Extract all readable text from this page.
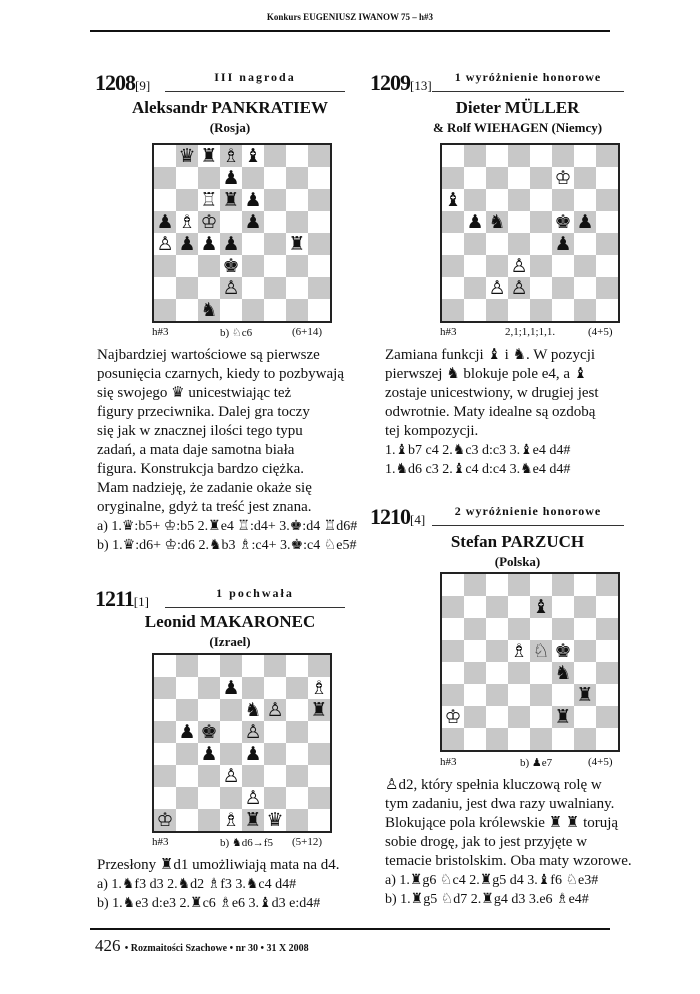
Konkurs EUGENIUSZ IWANOW 75 – h#3
1208[9]
III nagroda
Aleksandr PANKRATIEW
(Rosja)
♛ ♜ ♗ ♝
♟
♖ ♜ ♟
♟ ♗ ♔ ♟
♙ ♟ ♟ ♟	♜
♚
♙
♞
h#3	b) ♘c6	(6+14)
Najbardziej wartościowe są pierwsze
posunięcia czarnych, kiedy to pozbywają
się swojego ♛ unicestwiając też
figury przeciwnika. Dalej gra toczy
się jak w znacznej ilości tego typu
zadań, a mata daje samotna biała
figura. Konstrukcja bardzo ciężka.
Mam nadzieję, że zadanie okaże się
oryginalne, gdyż ta treść jest znana.
a) 1.♛:b5+ ♔:b5 2.♜e4 ♖:d4+ 3.♚:d4 ♖d6#
b) 1.♛:d6+ ♔:d6 2.♞b3 ♗:c4+ 3.♚:c4 ♘e5#
1209[13]
1 wyróżnienie honorowe
Dieter MÜLLER
& Rolf WIEHAGEN (Niemcy)
♔
♝
♟ ♞	♚ ♟
♟
♙
♙ ♙
h#3	2,1;1,1;1,1.	(4+5)
Zamiana funkcji ♝ i ♞. W pozycji
pierwszej ♞ blokuje pole e4, a ♝
zostaje unicestwiony, w drugiej jest
odwrotnie. Maty idealne są ozdobą
tej kompozycji.
1.♝b7 c4 2.♞c3 d:c3 3.♝e4 d4#
1.♞d6 c3 2.♝c4 d:c4 3.♞e4 d4#
1210[4]
2 wyróżnienie honorowe
Stefan PARZUCH
(Polska)
♝
♗ ♘ ♚
♞
♜
♔	♜
h#3	b) ♟e7	(4+5)
♙d2, który spełnia kluczową rolę w
tym zadaniu, jest dwa razy uwalniany.
Blokujące pola królewskie ♜ ♜ torują
sobie drogę, jak to jest przyjęte w
temacie bristolskim. Oba maty wzorowe.
a) 1.♜g6 ♘c4 2.♜g5 d4 3.♝f6 ♘e3#
b) 1.♜g5 ♘d7 2.♜g4 d3 3.e6 ♗e4#
1211[1]
1 pochwała
Leonid MAKARONEC
(Izrael)
♟	♗
♞ ♙ ♜
♟ ♚ ♙
♟ ♟
♙
♙
♔	♗ ♜ ♛
h#3	b) ♞d6→f5 (5+12)
Przesłony ♜d1 umożliwiają mata na d4.
a) 1.♞f3 d3 2.♞d2 ♗f3 3.♞c4 d4#
b) 1.♞e3 d:e3 2.♜c6 ♗e6 3.♝d3 e:d4#
426 • Rozmaitości Szachowe • nr 30 • 31 X 2008
